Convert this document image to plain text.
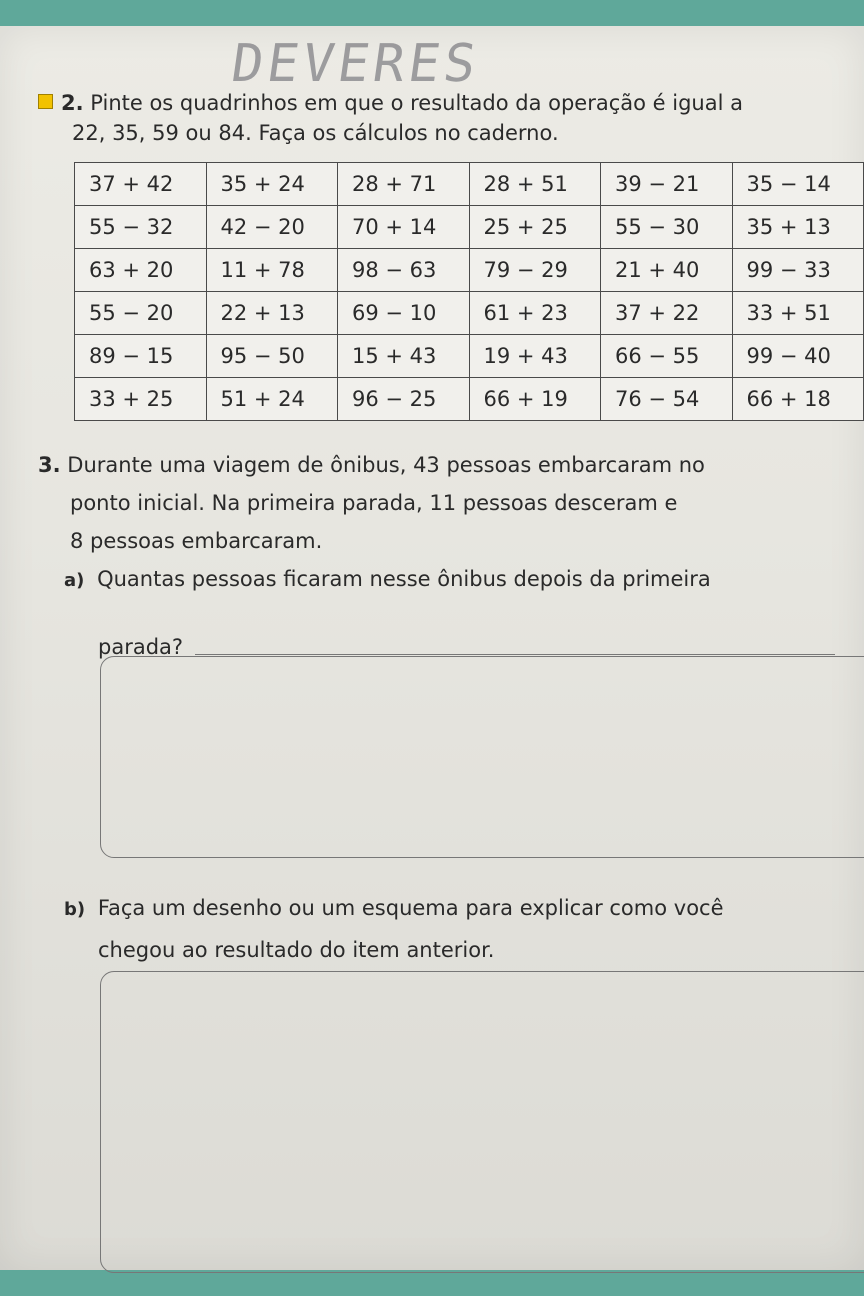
DEVERES
2. Pinte os quadrinhos em que o resultado da operação é igual a
22, 35, 59 ou 84. Faça os cálculos no caderno.
37 + 42	35 + 24	28 + 71	28 + 51	39 − 21	35 − 14
55 − 32	42 − 20	70 + 14	25 + 25	55 − 30	35 + 13
63 + 20	11 + 78	98 − 63	79 − 29	21 + 40	99 − 33
55 − 20	22 + 13	69 − 10	61 + 23	37 + 22	33 + 51
89 − 15	95 − 50	15 + 43	19 + 43	66 − 55	99 − 40
33 + 25	51 + 24	96 − 25	66 + 19	76 − 54	66 + 18
3. Durante uma viagem de ônibus, 43 pessoas embarcaram no
ponto inicial. Na primeira parada, 11 pessoas desceram e
8 pessoas embarcaram.
a) Quantas pessoas ficaram nesse ônibus depois da primeira
parada?
b) Faça um desenho ou um esquema para explicar como você
chegou ao resultado do item anterior.
